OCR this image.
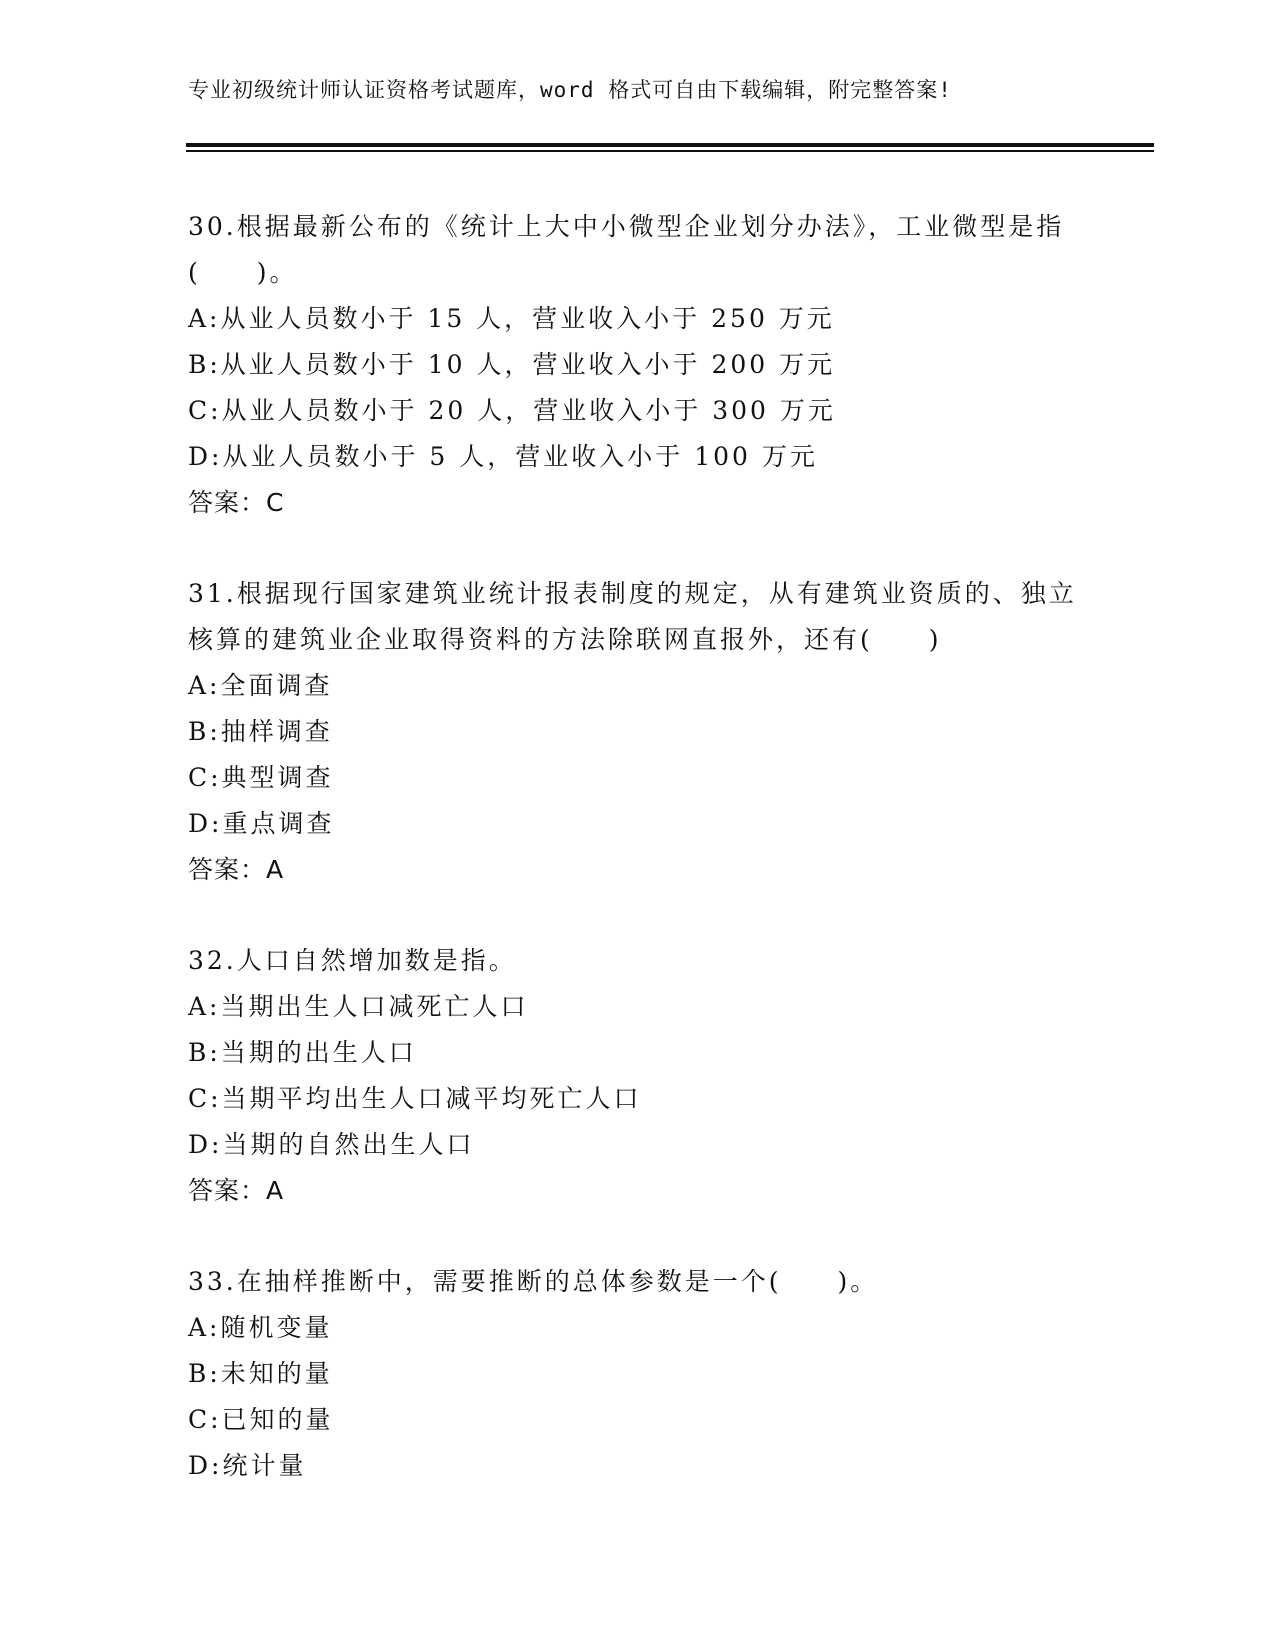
专业初级统计师认证资格考试题库，word 格式可自由下载编辑，附完整答案!

30.根据最新公布的《统计上大中小微型企业划分办法》，工业微型是指(　　)。

A:从业人员数小于 15 人，营业收入小于 250 万元
B:从业人员数小于 10 人，营业收入小于 200 万元
C:从业人员数小于 20 人，营业收入小于 300 万元
D:从业人员数小于 5 人，营业收入小于 100 万元
答案：C

31.根据现行国家建筑业统计报表制度的规定，从有建筑业资质的、独立核算的建筑业企业取得资料的方法除联网直报外，还有(　　)

A:全面调查
B:抽样调查
C:典型调查
D:重点调查
答案：A

32.人口自然增加数是指。

A:当期出生人口减死亡人口
B:当期的出生人口
C:当期平均出生人口减平均死亡人口
D:当期的自然出生人口
答案：A

33.在抽样推断中，需要推断的总体参数是一个(　　)。

A:随机变量
B:未知的量
C:已知的量
D:统计量
